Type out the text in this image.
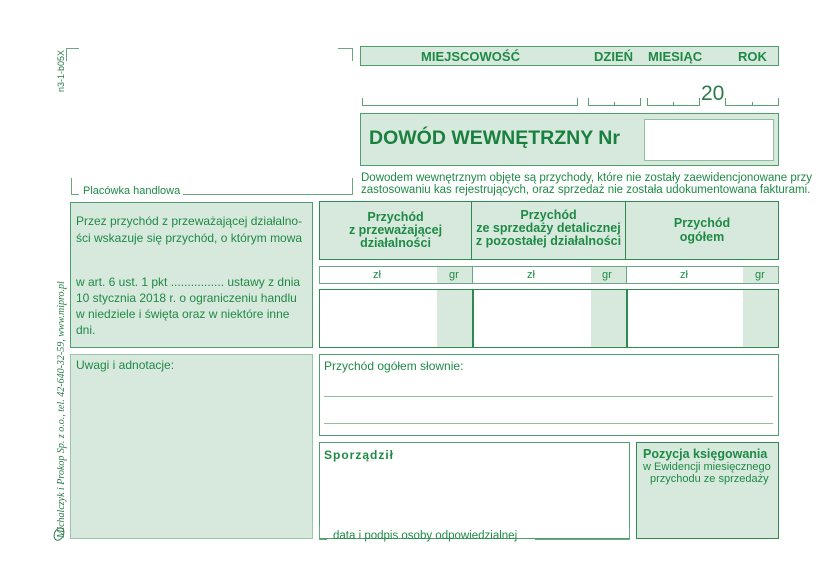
n3-1-b05X
Michalczyk i Prokop Sp. z o.o., tel. 42-640-32-59, www.mipro.pl
MIEJSCOWOŚĆ	DZIEŃ MIESIĄC	ROK
20
DOWÓD WEWNĘTRZNY Nr
Dowodem wewnętrznym objęte są przychody, które nie zostały zaewidencjonowane przy
zastosowaniu kas rejestrujących, oraz sprzedaż nie została udokumentowana fakturami.
Placówka handlowa
Przez przychód z przeważającej działalno-
ści wskazuje się przychód, o którym mowa
w art. 6 ust. 1 pkt ................ ustawy z dnia
10 stycznia 2018 r. o ograniczeniu handlu
w niedziele i święta oraz w niektóre inne
dni.
Przychód
z przeważającej
działalności
Przychód
ze sprzedaży detalicznej
z pozostałej działalności
Przychód
ogółem
zł	gr	zł	gr	zł	gr
Uwagi i adnotacje:	Przychód ogółem słownie:
Sporządził
data i podpis osoby odpowiedzialnej
Pozycja księgowania
w Ewidencji miesięcznego
przychodu ze sprzedaży
